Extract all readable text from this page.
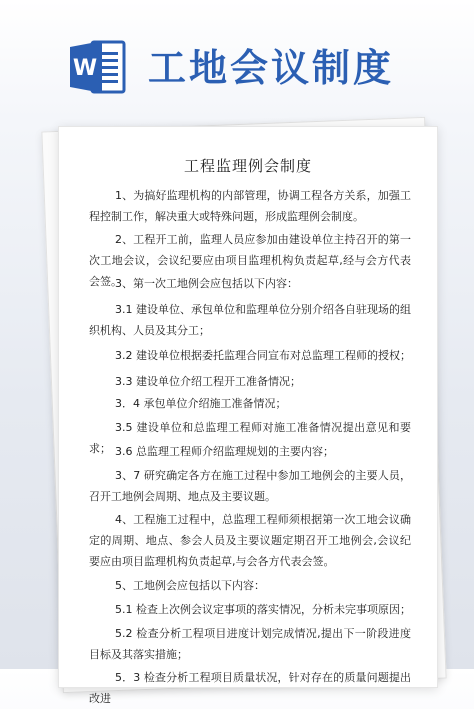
W 工地会议制度
工程监理例会制度

1、为搞好监理机构的内部管理，协调工程各方关系，加强工程控制工作，解决重大或特殊问题，形成监理例会制度。

2、工程开工前，监理人员应参加由建设单位主持召开的第一次工地会议，会议纪要应由项目监理机构负责起草,经与会方代表会签。

3、第一次工地例会应包括以下内容：

3.1 建设单位、承包单位和监理单位分别介绍各自驻现场的组织机构、人员及其分工；

3.2 建设单位根据委托监理合同宣布对总监理工程师的授权；

3.3 建设单位介绍工程开工准备情况；

3．4 承包单位介绍施工准备情况；

3.5 建设单位和总监理工程师对施工准备情况提出意见和要求； 3.6 总监理工程师介绍监理规划的主要内容；

3、7 研究确定各方在施工过程中参加工地例会的主要人员，召开工地例会周期、地点及主要议题。

4、工程施工过程中，总监理工程师须根据第一次工地会议确定的周期、地点、参会人员及主要议题定期召开工地例会,会议纪要应由项目监理机构负责起草,与会各方代表会签。

5、工地例会应包括以下内容：

5.1 检查上次例会议定事项的落实情况，分析未完事项原因；

5.2 检查分析工程项目进度计划完成情况,提出下一阶段进度目标及其落实措施；

5．3 检查分析工程项目质量状况，针对存在的质量问题提出改进
